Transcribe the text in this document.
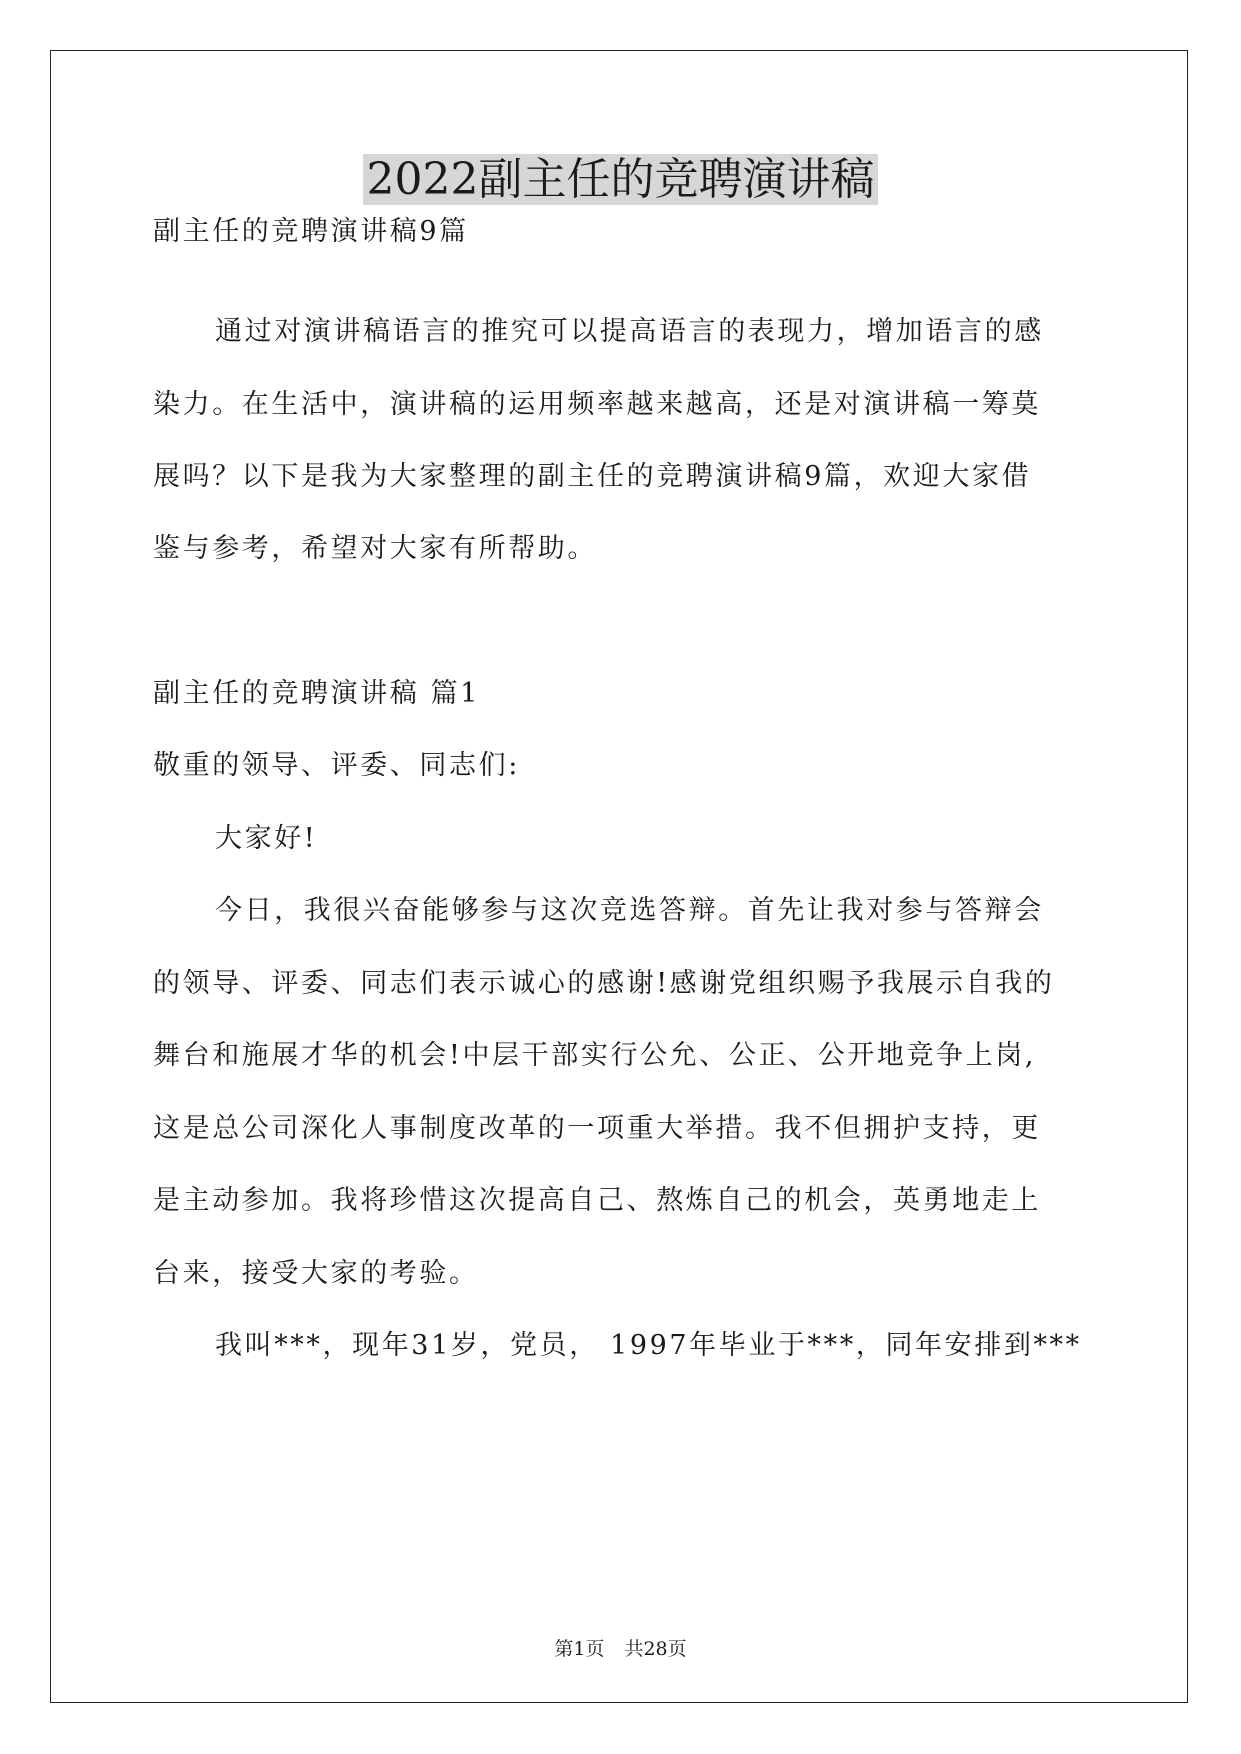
2022副主任的竞聘演讲稿

副主任的竞聘演讲稿9篇

通过对演讲稿语言的推究可以提高语言的表现力，增加语言的感

染力。在生活中，演讲稿的运用频率越来越高，还是对演讲稿一筹莫

展吗？以下是我为大家整理的副主任的竞聘演讲稿9篇，欢迎大家借

鉴与参考，希望对大家有所帮助。

副主任的竞聘演讲稿 篇1

敬重的领导、评委、同志们:

大家好!

今日，我很兴奋能够参与这次竞选答辩。首先让我对参与答辩会

的领导、评委、同志们表示诚心的感谢!感谢党组织赐予我展示自我的

舞台和施展才华的机会!中层干部实行公允、公正、公开地竞争上岗,

这是总公司深化人事制度改革的一项重大举措。我不但拥护支持，更

是主动参加。我将珍惜这次提高自己、熬炼自己的机会，英勇地走上

台来，接受大家的考验。

我叫***，现年31岁，党员， 1997年毕业于***，同年安排到***

第1页 共28页
